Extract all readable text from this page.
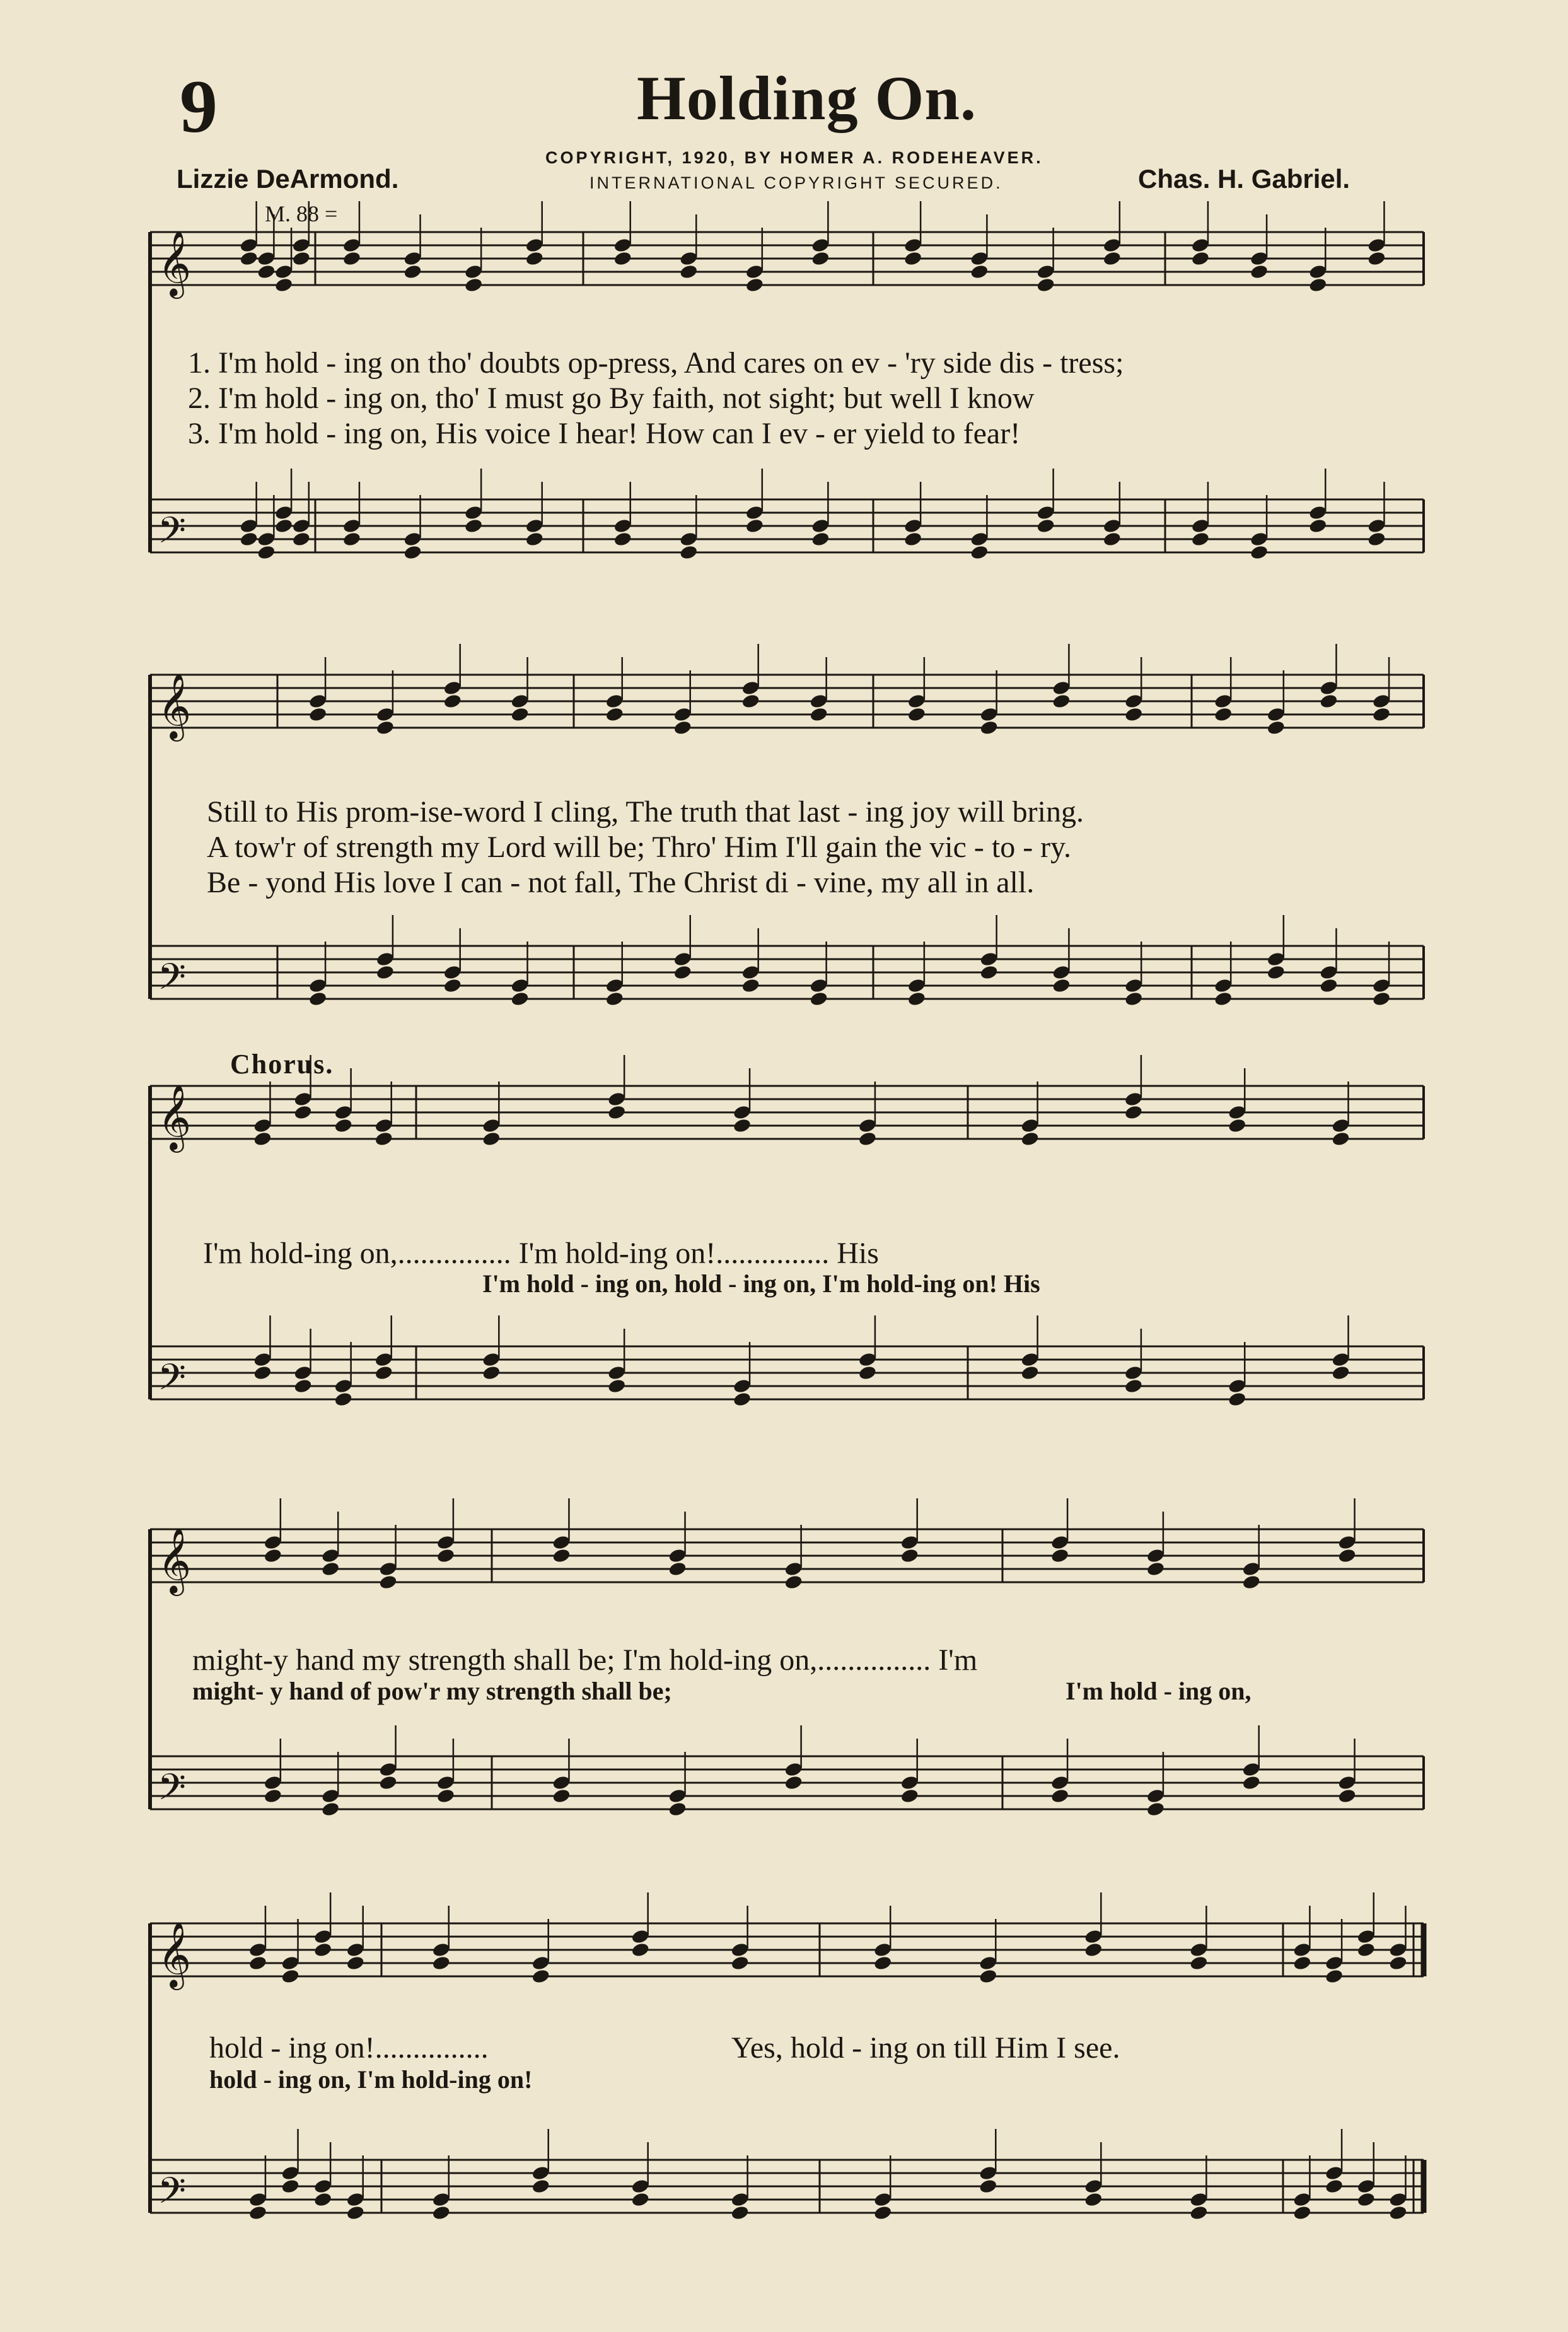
9	Holding On.
COPYRIGHT, 1920, BY HOMER A. RODEHEAVER.
INTERNATIONAL COPYRIGHT SECURED.
Lizzie DeArmond.	Chas. H. Gabriel.
M. 88 =
𝄞
𝄢
𝄞
𝄢
𝄞
𝄢
𝄞
𝄢
𝄞
𝄢
1. I'm hold - ing on tho' doubts op-press, And cares on ev - 'ry side dis - tress;
2. I'm hold - ing on, tho' I must go By faith, not sight; but well I know
3. I'm hold - ing on, His voice I hear! How can I ev - er yield to fear!
Still to His prom-ise-word I cling, The truth that last - ing joy will bring.
A tow'r of strength my Lord will be; Thro' Him I'll gain the vic - to - ry.
Be - yond His love I can - not fall, The Christ di - vine, my all in all.
Chorus.
I'm hold-ing on,............... I'm hold-ing on!............... His
I'm hold - ing on, hold - ing on, I'm hold-ing on! His
might-y hand my strength shall be; I'm hold-ing on,............... I'm
might- y hand of pow'r my strength shall be;	I'm hold - ing on,
hold - ing on!...............	Yes, hold - ing on till Him I see.
hold - ing on, I'm hold-ing on!
